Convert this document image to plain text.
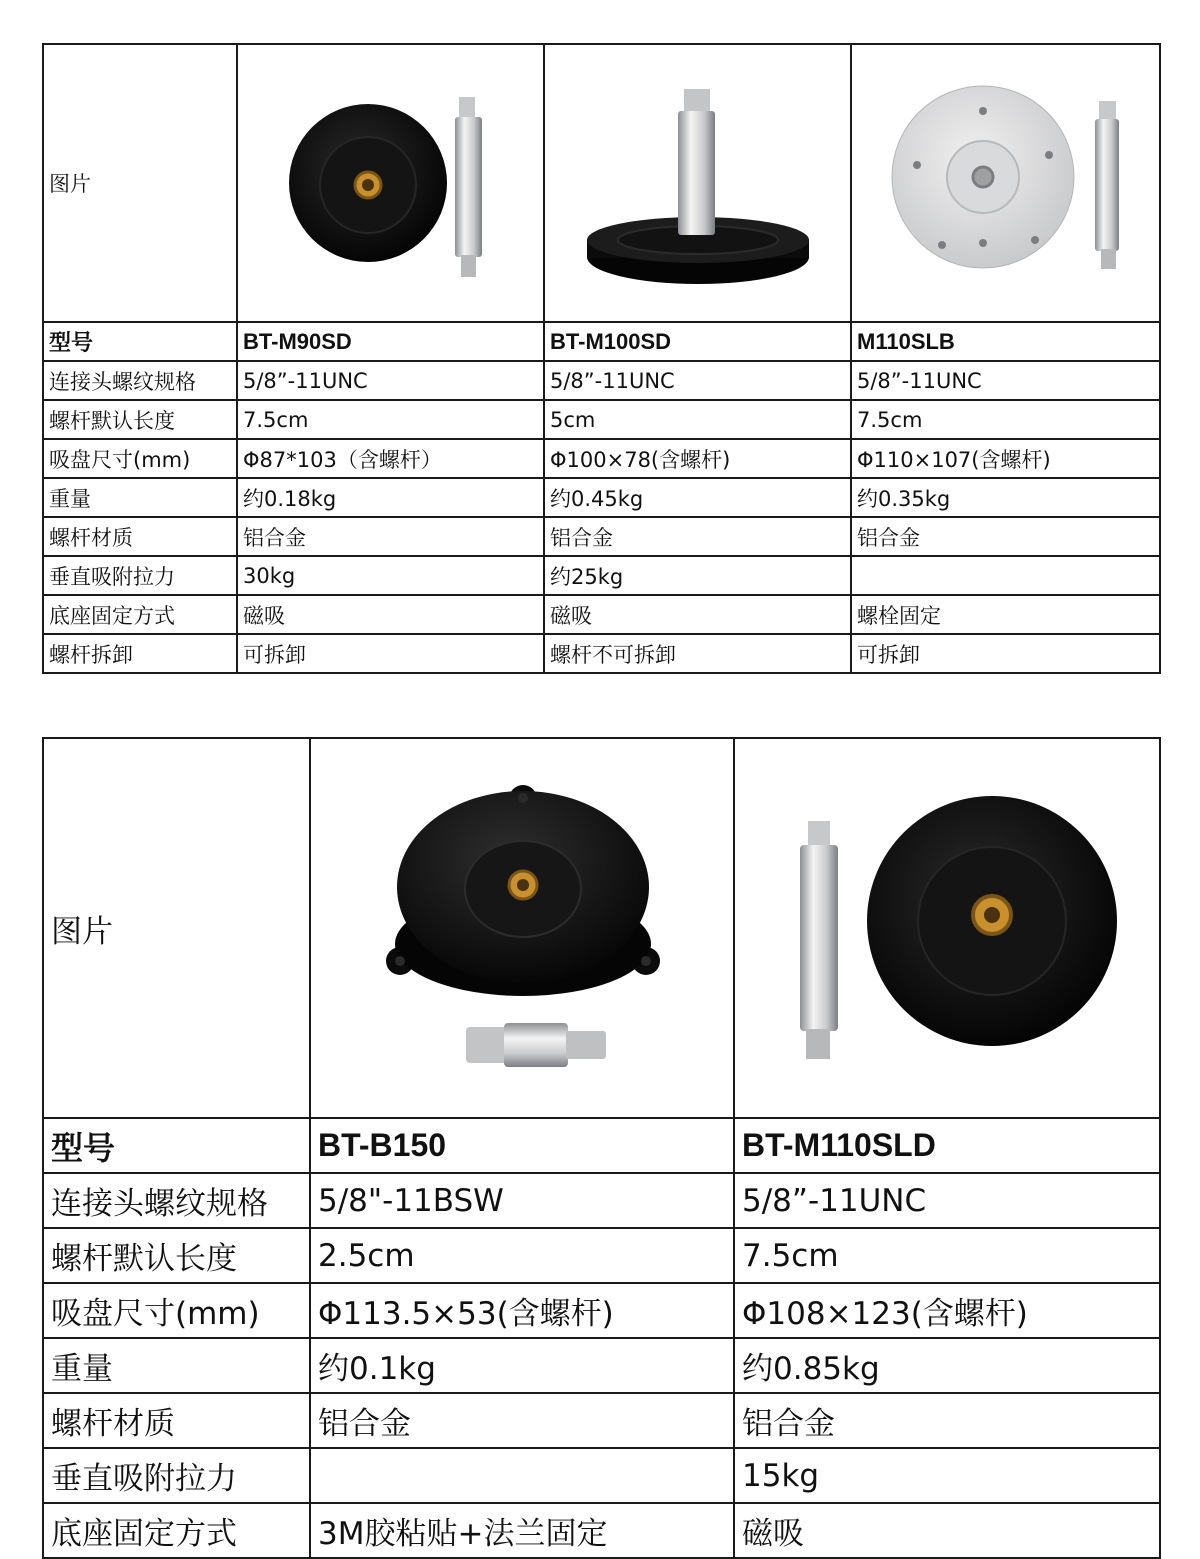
图片	

型号	BT-M90SD	BT-M100SD	M110SLB
连接头螺纹规格	5/8”-11UNC	5/8”-11UNC	5/8”-11UNC
螺杆默认长度	7.5cm	5cm	7.5cm
吸盘尺寸(mm)	Φ87*103（含螺杆）	Φ100×78(含螺杆)	Φ110×107(含螺杆)
重量	约0.18kg	约0.45kg	约0.35kg
螺杆材质	铝合金	铝合金	铝合金
垂直吸附拉力	30kg	约25kg	
底座固定方式	磁吸	磁吸	螺栓固定
螺杆拆卸	可拆卸	螺杆不可拆卸	可拆卸
图片	

型号	BT-B150	BT-M110SLD
连接头螺纹规格	5/8"-11BSW	5/8”-11UNC
螺杆默认长度	2.5cm	7.5cm
吸盘尺寸(mm)	Φ113.5×53(含螺杆)	Φ108×123(含螺杆)
重量	约0.1kg	约0.85kg
螺杆材质	铝合金	铝合金
垂直吸附拉力		15kg
底座固定方式	3M胶粘贴+法兰固定	磁吸
